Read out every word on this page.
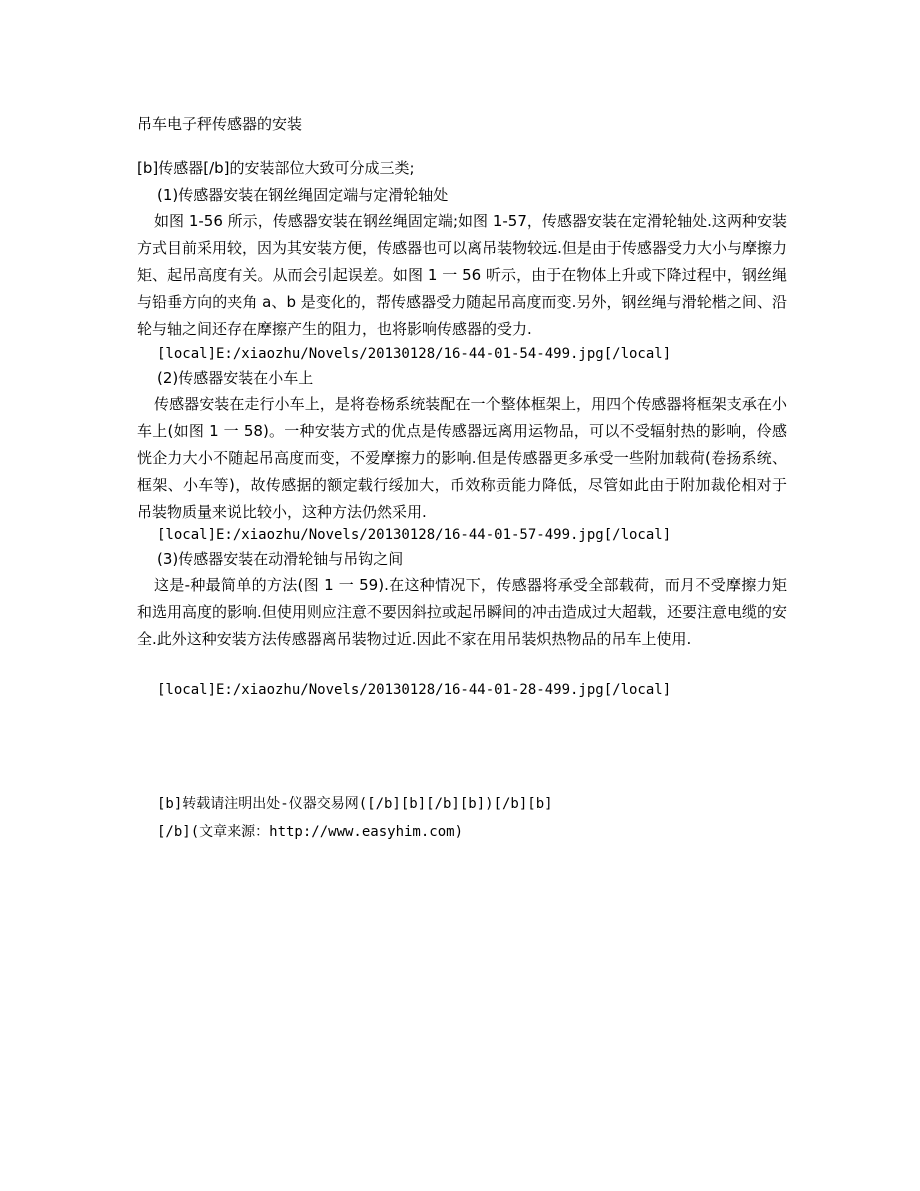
吊车电子秤传感器的安装
[b]传感器[/b]的安装部位大致可分成三类;
(1)传感器安装在钢丝绳固定端与定滑轮轴处
如图 1-56 所示，传感器安装在钢丝绳固定端;如图 1-57，传感器安装在定滑轮轴处.这两种安装方式目前采用较，因为其安装方便，传感器也可以离吊装物较远.但是由于传感器受力大小与摩擦力矩、起吊高度有关。从而会引起误差。如图 1 一 56 听示，由于在物体上升或下降过程中，钢丝绳与铅垂方向的夹角 a、b 是变化的，帮传感器受力随起吊高度而变.另外，钢丝绳与滑轮楷之间、沿轮与轴之间还存在摩擦产生的阻力，也将影响传感器的受力.
[local]E:/xiaozhu/Novels/20130128/16-44-01-54-499.jpg[/local]
(2)传感器安装在小车上
传感器安装在走行小车上，是将卷杨系统装配在一个整体框架上，用四个传感器将框架支承在小车上(如图 1 一 58)。一种安装方式的优点是传感器远离用运物品，可以不受辐射热的影响，伶感恍企力大小不随起吊高度而变，不爱摩擦力的影响.但是传感器更多承受一些附加载荷(卷扬系统、框架、小车等)，故传感据的额定载行绥加大，币效称贡能力降低，尽管如此由于附加裁伦相对于吊装物质量来说比较小，这种方法仍然采用.
[local]E:/xiaozhu/Novels/20130128/16-44-01-57-499.jpg[/local]
(3)传感器安装在动滑轮铀与吊钩之间
这是-种最简单的方法(图 1 一 59).在这种情况下，传感器将承受全部载荷，而月不受摩擦力矩和选用高度的影响.但使用则应注意不要因斜拉或起吊瞬间的冲击造成过大超载，还要注意电缆的安全.此外这种安装方法传感器离吊装物过近.因此不家在用吊装炽热物品的吊车上使用.
[local]E:/xiaozhu/Novels/20130128/16-44-01-28-499.jpg[/local]
[b]转载请注明出处-仪器交易网([/b][b][/b][b])[/b][b]
[/b](文章来源：http://www.easyhim.com)
